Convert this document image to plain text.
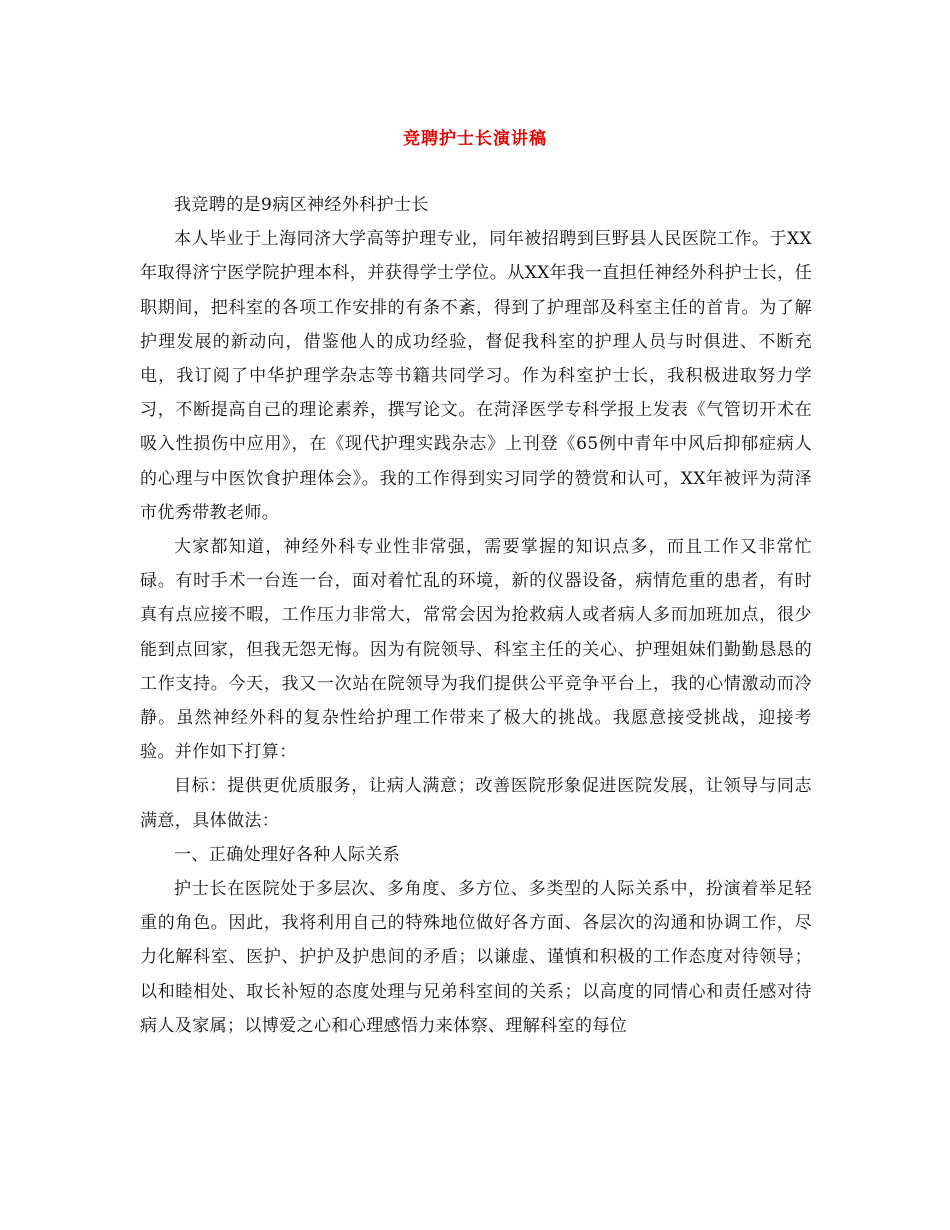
竞聘护士长演讲稿

我竞聘的是9病区神经外科护士长

本人毕业于上海同济大学高等护理专业，同年被招聘到巨野县人民医院工作。于XX年取得济宁医学院护理本科，并获得学士学位。从XX年我一直担任神经外科护士长，任职期间，把科室的各项工作安排的有条不紊，得到了护理部及科室主任的首肯。为了解护理发展的新动向，借鉴他人的成功经验，督促我科室的护理人员与时俱进、不断充电，我订阅了中华护理学杂志等书籍共同学习。作为科室护士长，我积极进取努力学习，不断提高自己的理论素养，撰写论文。在菏泽医学专科学报上发表《气管切开术在吸入性损伤中应用》，在《现代护理实践杂志》上刊登《65例中青年中风后抑郁症病人的心理与中医饮食护理体会》。我的工作得到实习同学的赞赏和认可，XX年被评为菏泽市优秀带教老师。

大家都知道，神经外科专业性非常强，需要掌握的知识点多，而且工作又非常忙碌。有时手术一台连一台，面对着忙乱的环境，新的仪器设备，病情危重的患者，有时真有点应接不暇，工作压力非常大，常常会因为抢救病人或者病人多而加班加点，很少能到点回家，但我无怨无悔。因为有院领导、科室主任的关心、护理姐妹们勤勤恳恳的工作支持。今天，我又一次站在院领导为我们提供公平竞争平台上，我的心情激动而冷静。虽然神经外科的复杂性给护理工作带来了极大的挑战。我愿意接受挑战，迎接考验。并作如下打算：

目标：提供更优质服务，让病人满意；改善医院形象促进医院发展，让领导与同志满意，具体做法：

一、正确处理好各种人际关系

护士长在医院处于多层次、多角度、多方位、多类型的人际关系中，扮演着举足轻重的角色。因此，我将利用自己的特殊地位做好各方面、各层次的沟通和协调工作，尽力化解科室、医护、护护及护患间的矛盾；以谦虚、谨慎和积极的工作态度对待领导；以和睦相处、取长补短的态度处理与兄弟科室间的关系；以高度的同情心和责任感对待病人及家属；以博爱之心和心理感悟力来体察、理解科室的每位
